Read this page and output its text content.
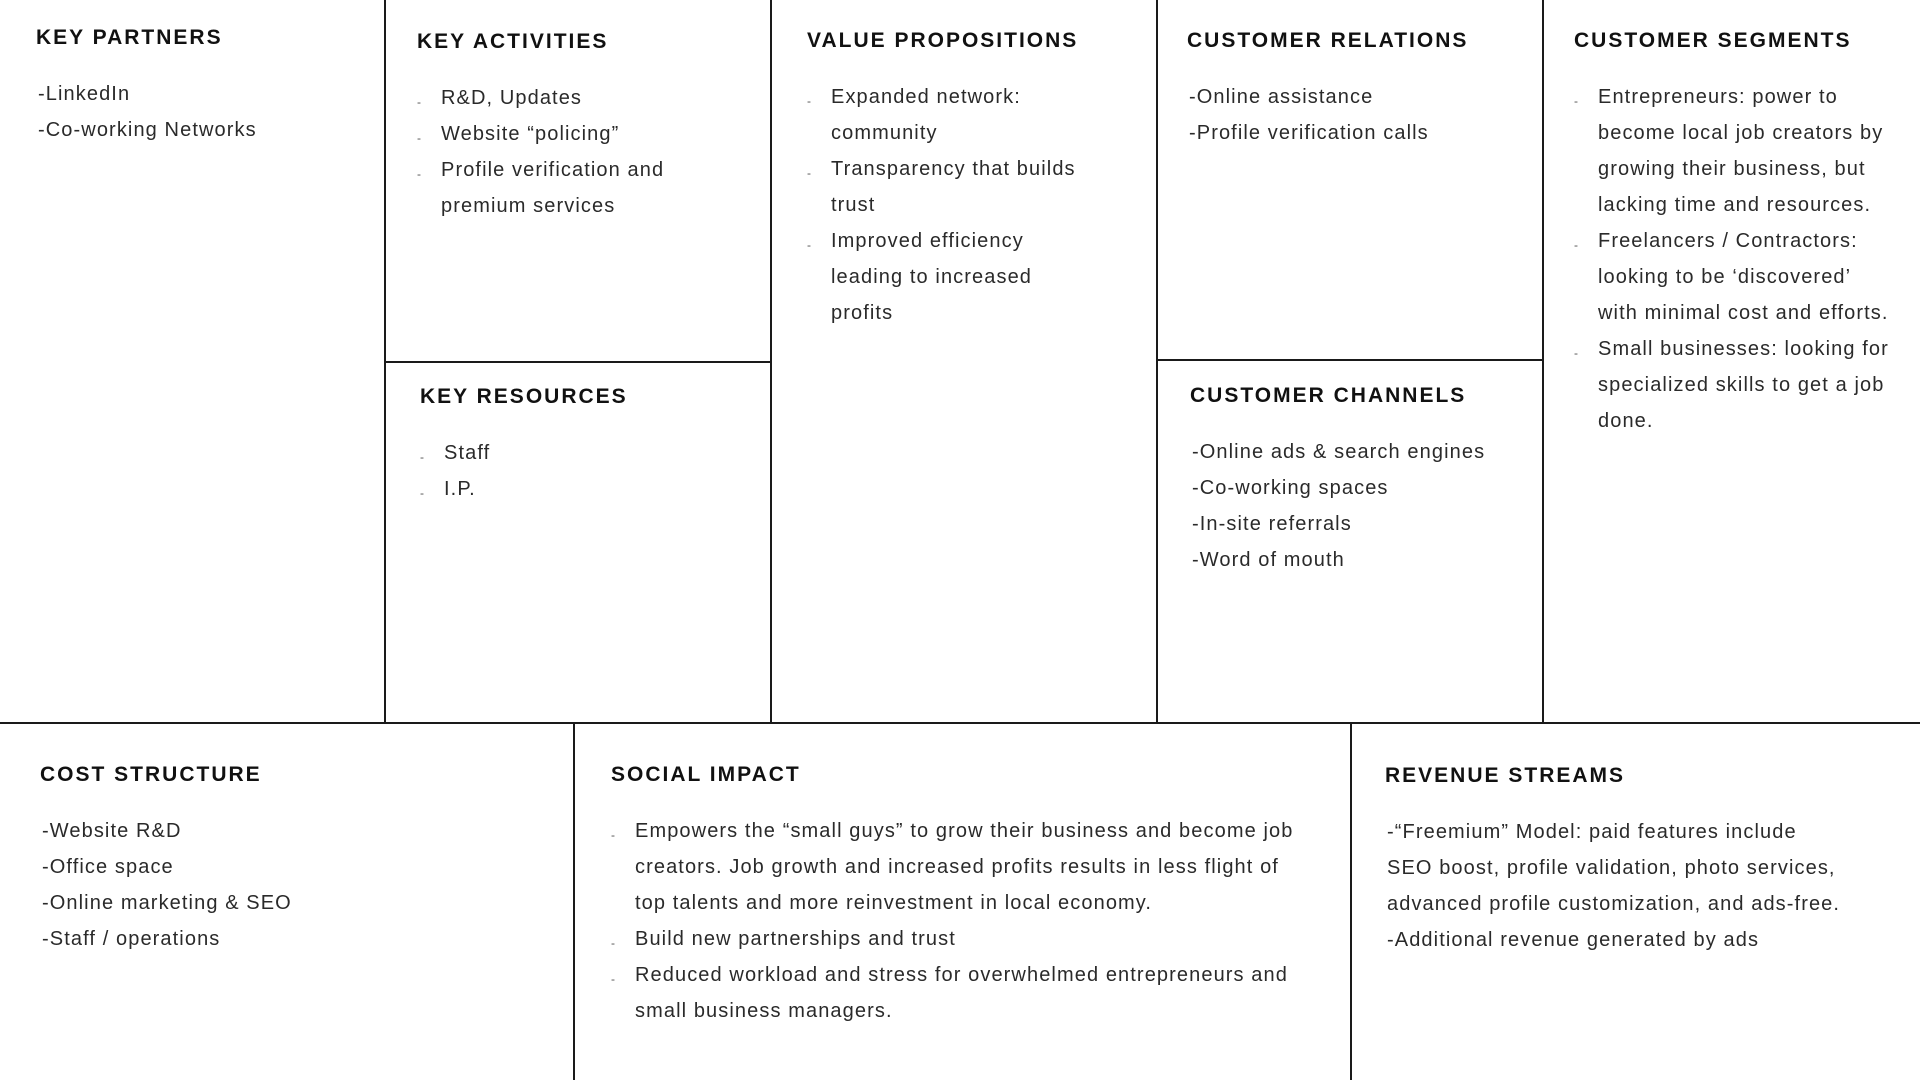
KEY PARTNERS
-LinkedIn
-Co-working Networks
KEY ACTIVITIES
- R&D, Updates
- Website “policing”
- Profile verification and premium services
KEY RESOURCES
- Staff
- I.P.
VALUE PROPOSITIONS
- Expanded network: community
- Transparency that builds trust
- Improved efficiency leading to increased profits
CUSTOMER RELATIONS
-Online assistance
-Profile verification calls
CUSTOMER CHANNELS
-Online ads & search engines
-Co-working spaces
-In-site referrals
-Word of mouth
CUSTOMER SEGMENTS
- Entrepreneurs: power to become local job creators by growing their business, but lacking time and resources.
- Freelancers / Contractors: looking to be ‘discovered’ with minimal cost and efforts.
- Small businesses: looking for specialized skills to get a job done.
COST STRUCTURE
-Website R&D
-Office space
-Online marketing & SEO
-Staff / operations
SOCIAL IMPACT
- Empowers the “small guys” to grow their business and become job creators. Job growth and increased profits results in less flight of top talents and more reinvestment in local economy.
- Build new partnerships and trust
- Reduced workload and stress for overwhelmed entrepreneurs and small business managers.
REVENUE STREAMS
-“Freemium” Model: paid features include SEO boost, profile validation, photo services, advanced profile customization, and ads-free.
-Additional revenue generated by ads
